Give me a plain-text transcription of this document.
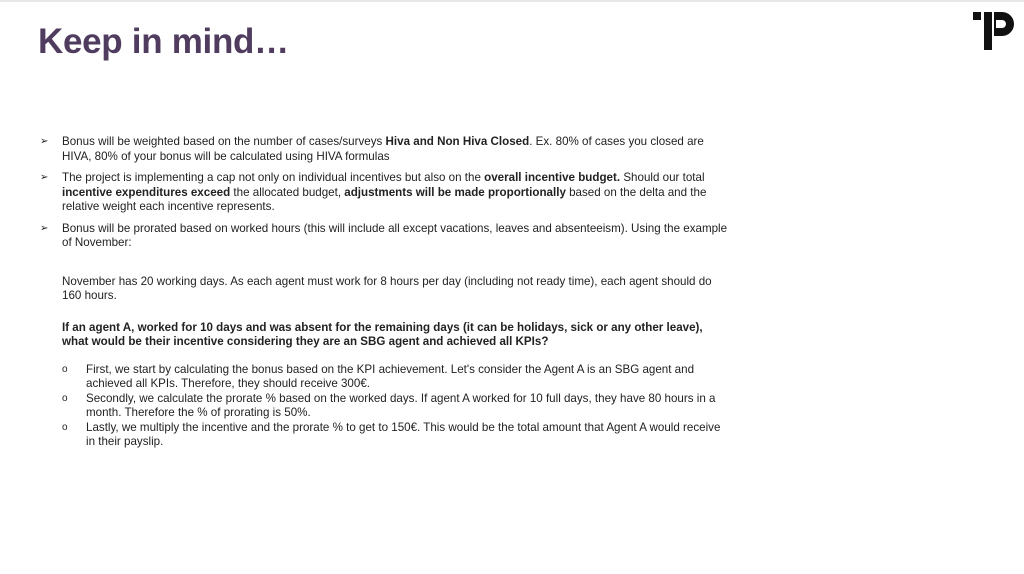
Keep in mind…
➢ Bonus will be weighted based on the number of cases/surveys Hiva and Non Hiva Closed. Ex. 80% of cases you closed are HIVA, 80% of your bonus will be calculated using HIVA formulas
➢ The project is implementing a cap not only on individual incentives but also on the overall incentive budget. Should our total incentive expenditures exceed the allocated budget, adjustments will be made proportionally based on the delta and the relative weight each incentive represents.
➢ Bonus will be prorated based on worked hours (this will include all except vacations, leaves and absenteeism). Using the example of November:
November has 20 working days. As each agent must work for 8 hours per day (including not ready time), each agent should do 160 hours.
If an agent A, worked for 10 days and was absent for the remaining days (it can be holidays, sick or any other leave), what would be their incentive considering they are an SBG agent and achieved all KPIs?
o First, we start by calculating the bonus based on the KPI achievement. Let's consider the Agent A is an SBG agent and achieved all KPIs. Therefore, they should receive 300€.
o Secondly, we calculate the prorate % based on the worked days. If agent A worked for 10 full days, they have 80 hours in a month. Therefore the % of prorating is 50%.
o Lastly, we multiply the incentive and the prorate % to get to 150€. This would be the total amount that Agent A would receive in their payslip.
